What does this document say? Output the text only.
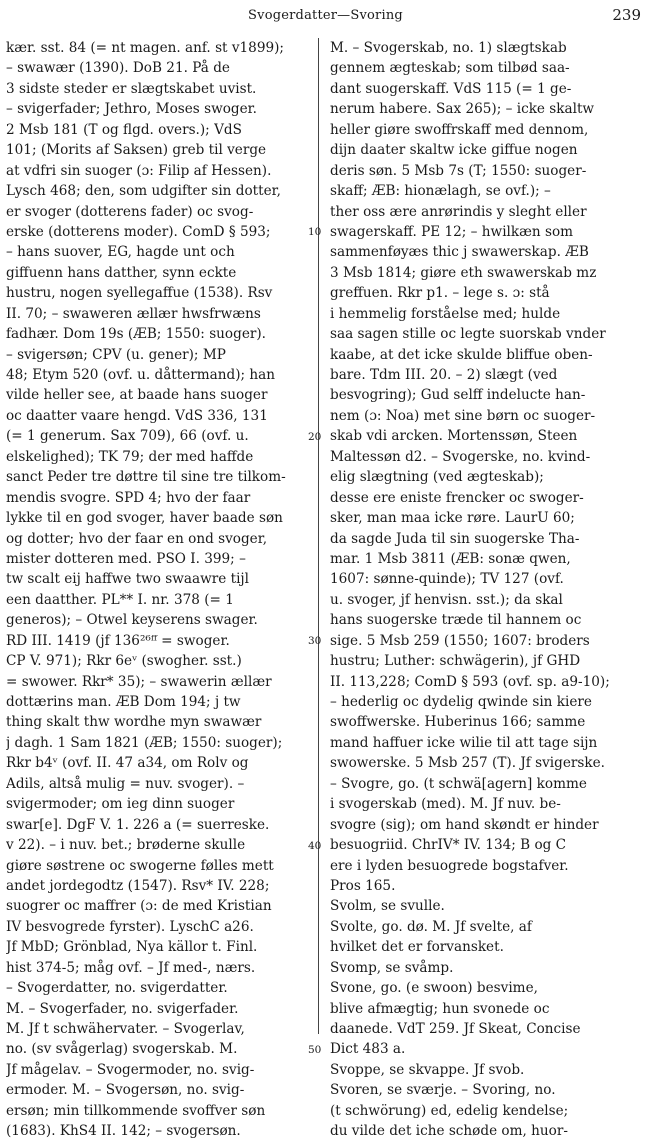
Svogerdatter—Svoring	239
kær. sst. 84 (= nt magen. anf. st v1899);
– swawær (1390). DoB 21. På de
3 sidste steder er slægtskabet uvist.
– svigerfader; Jethro, Moses swoger.
2 Msb 181 (T og flgd. overs.); VdS
101; (Morits af Saksen) greb til verge
at vdfri sin suoger (ɔ: Filip af Hessen).
Lysch 468; den, som udgifter sin dotter,
er svoger (dotterens fader) oc svog-
erske (dotterens moder). ComD § 593;
– hans suover, EG, hagde unt och
giffuenn hans datther, synn eckte
hustru, nogen syellegaffue (1538). Rsv
II. 70; – swaweren ællær hwsfrwæns
fadhær. Dom 19s (ÆB; 1550: suoger).
– svigersøn; CPV (u. gener); MP
48; Etym 520 (ovf. u. dåttermand); han
vilde heller see, at baade hans suoger
oc daatter vaare hengd. VdS 336, 131
(= 1 generum. Sax 709), 66 (ovf. u.
elskelighed); TK 79; der med haffde
sanct Peder tre døttre til sine tre tilkom-
mendis svogre. SPD 4; hvo der faar
lykke til en god svoger, haver baade søn
og dotter; hvo der faar en ond svoger,
mister dotteren med. PSO I. 399; –
tw scalt eij haffwe two swaawre tijl
een daatther. PL** I. nr. 378 (= 1
generos); – Otwel keyserens swager.
RD III. 1419 (jf 136²⁶ᶠᶠ = swoger.
CP V. 971); Rkr 6eᵛ (swogher. sst.)
= swower. Rkr* 35); – swawerin ællær
dottærins man. ÆB Dom 194; j tw
thing skalt thw wordhe myn swawær
j dagh. 1 Sam 1821 (ÆB; 1550: suoger);
Rkr b4ᵛ (ovf. II. 47 a34, om Rolv og
Adils, altså mulig = nuv. svoger). –
svigermoder; om ieg dinn suoger
swar[e]. DgF V. 1. 226 a (= suerreske.
v 22). – i nuv. bet.; brøderne skulle
giøre søstrene oc swogerne følles mett
andet jordegodtz (1547). Rsv* IV. 228;
suogrer oc maffrer (ɔ: de med Kristian
IV besvogrede fyrster). LyschC a26.
Jf MbD; Grönblad, Nya källor t. Finl.
hist 374-5; måg ovf. – Jf med-, nærs.
– Svogerdatter, no. svigerdatter.
M. – Svogerfader, no. svigerfader.
M. Jf t schwähervater. – Svogerlav,
no. (sv svågerlag) svogerskab. M.
Jf mågelav. – Svogermoder, no. svig-
ermoder. M. – Svogersøn, no. svig-
ersøn; min tillkommende svoffver søn
(1683). KhS4 II. 142; – svogersøn.
10
20
30
40
50
M. – Svogerskab, no. 1) slægtskab
gennem ægteskab; som tilbød saa-
dant suogerskaff. VdS 115 (= 1 ge-
nerum habere. Sax 265); – icke skaltw
heller giøre swoffrskaff med dennom,
dijn daater skaltw icke giffue nogen
deris søn. 5 Msb 7s (T; 1550: suoger-
skaff; ÆB: hionælagh, se ovf.); –
ther oss ære anrørindis y sleght eller
swagerskaff. PE 12; – hwilkæn som
sammenføyæs thic j swawerskap. ÆB
3 Msb 1814; giøre eth swawerskab mz
greffuen. Rkr p1. – lege s. ɔ: stå
i hemmelig forståelse med; hulde
saa sagen stille oc legte suorskab vnder
kaabe, at det icke skulde bliffue oben-
bare. Tdm III. 20. – 2) slægt (ved
besvogring); Gud selff indelucte han-
nem (ɔ: Noa) met sine børn oc suoger-
skab vdi arcken. Mortenssøn, Steen
Maltessøn d2. – Svogerske, no. kvind-
elig slægtning (ved ægteskab);
desse ere eniste frencker oc swoger-
sker, man maa icke røre. LaurU 60;
da sagde Juda til sin suogerske Tha-
mar. 1 Msb 3811 (ÆB: sonæ qwen,
1607: sønne-quinde); TV 127 (ovf.
u. svoger, jf henvisn. sst.); da skal
hans suogerske træde til hannem oc
sige. 5 Msb 259 (1550; 1607: broders
hustru; Luther: schwägerin), jf GHD
II. 113,228; ComD § 593 (ovf. sp. a9-10);
– hederlig oc dydelig qwinde sin kiere
swoffwerske. Huberinus 166; samme
mand haffuer icke wilie til att tage sijn
swowerske. 5 Msb 257 (T). Jf svigerske.
– Svogre, go. (t schwä[agern] komme
i svogerskab (med). M. Jf nuv. be-
svogre (sig); om hand skøndt er hinder
besuogriid. ChrIV* IV. 134; B og C
ere i lyden besuogrede bogstafver.
Pros 165.
Svolm, se svulle.
Svolte, go. dø. M. Jf svelte, af
hvilket det er forvansket.
Svomp, se svåmp.
Svone, go. (e swoon) besvime,
blive afmægtig; hun svonede oc
daanede. VdT 259. Jf Skeat, Concise
Dict 483 a.
Svoppe, se skvappe. Jf svob.
Svoren, se sværje. – Svoring, no.
(t schwörung) ed, edelig kendelse;
du vilde det iche schøde om, huor-
